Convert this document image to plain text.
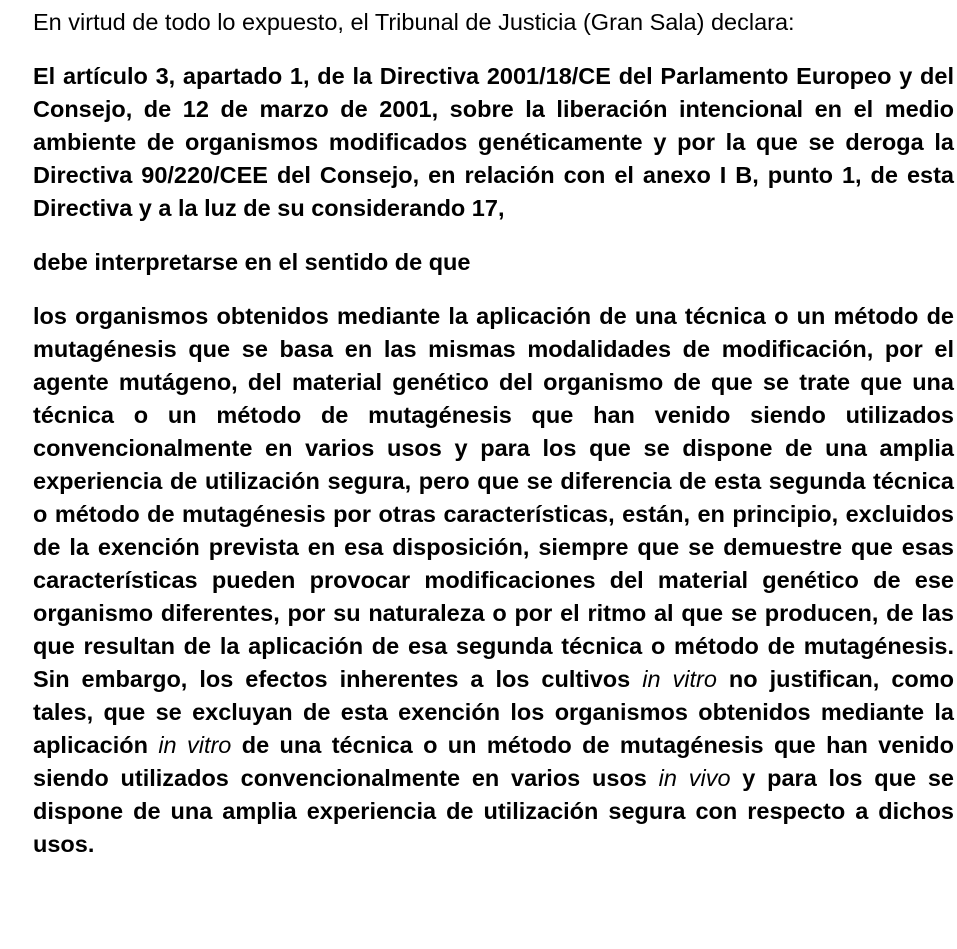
En virtud de todo lo expuesto, el Tribunal de Justicia (Gran Sala) declara:

El artículo 3, apartado 1, de la Directiva 2001/18/CE del Parlamento Europeo y del Consejo, de 12 de marzo de 2001, sobre la liberación intencional en el medio ambiente de organismos modificados genéticamente y por la que se deroga la Directiva 90/220/CEE del Consejo, en relación con el anexo I B, punto 1, de esta Directiva y a la luz de su considerando 17,

debe interpretarse en el sentido de que

los organismos obtenidos mediante la aplicación de una técnica o un método de mutagénesis que se basa en las mismas modalidades de modificación, por el agente mutágeno, del material genético del organismo de que se trate que una técnica o un método de mutagénesis que han venido siendo utilizados convencionalmente en varios usos y para los que se dispone de una amplia experiencia de utilización segura, pero que se diferencia de esta segunda técnica o método de mutagénesis por otras características, están, en principio, excluidos de la exención prevista en esa disposición, siempre que se demuestre que esas características pueden provocar modificaciones del material genético de ese organismo diferentes, por su naturaleza o por el ritmo al que se producen, de las que resultan de la aplicación de esa segunda técnica o método de mutagénesis. Sin embargo, los efectos inherentes a los cultivos in vitro no justifican, como tales, que se excluyan de esta exención los organismos obtenidos mediante la aplicación in vitro de una técnica o un método de mutagénesis que han venido siendo utilizados convencionalmente en varios usos in vivo y para los que se dispone de una amplia experiencia de utilización segura con respecto a dichos usos.
